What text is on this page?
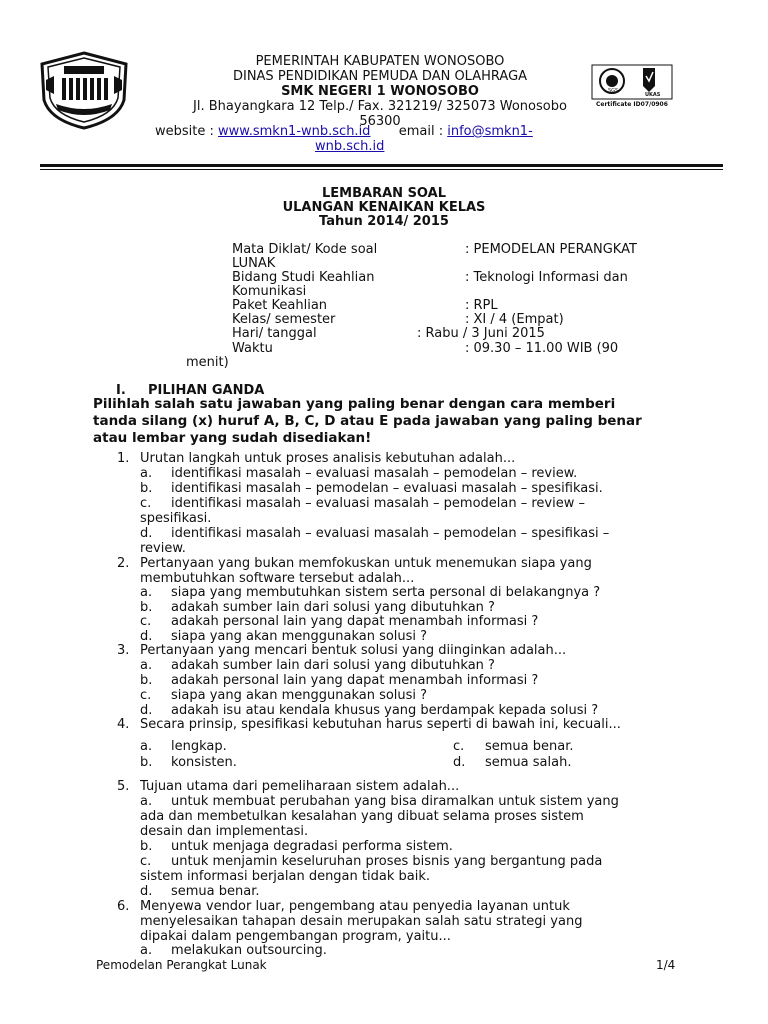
PEMERINTAH KABUPATEN WONOSOBO
DINAS PENDIDIKAN PEMUDA DAN OLAHRAGA
SMK NEGERI 1 WONOSOBO
Jl. Bhayangkara 12 Telp./ Fax. 321219/ 325073 Wonosobo
56300
website : www.smkn1-wnb.sch.id email : info@smkn1-
wnb.sch.id
SGS
UKAS
Certificate ID07/0906
LEMBARAN SOAL
ULANGAN KENAIKAN KELAS
Tahun 2014/ 2015
Mata Diklat/ Kode soal	: PEMODELAN PERANGKAT
LUNAK
Bidang Studi Keahlian	: Teknologi Informasi dan
Komunikasi
Paket Keahlian	: RPL
Kelas/ semester	: XI / 4 (Empat)
Hari/ tanggal	: Rabu / 3 Juni 2015
Waktu	: 09.30 – 11.00 WIB (90
menit)
I. PILIHAN GANDA
Pilihlah salah satu jawaban yang paling benar dengan cara memberi
tanda silang (x) huruf A, B, C, D atau E pada jawaban yang paling benar
atau lembar yang sudah disediakan!
1. Urutan langkah untuk proses analisis kebutuhan adalah...
a. identifikasi masalah – evaluasi masalah – pemodelan – review.
b. identifikasi masalah – pemodelan – evaluasi masalah – spesifikasi.
c. identifikasi masalah – evaluasi masalah – pemodelan – review –
spesifikasi.
d. identifikasi masalah – evaluasi masalah – pemodelan – spesifikasi –
review.
2. Pertanyaan yang bukan memfokuskan untuk menemukan siapa yang
membutuhkan software tersebut adalah...
a. siapa yang membutuhkan sistem serta personal di belakangnya ?
b. adakah sumber lain dari solusi yang dibutuhkan ?
c. adakah personal lain yang dapat menambah informasi ?
d. siapa yang akan menggunakan solusi ?
3. Pertanyaan yang mencari bentuk solusi yang diinginkan adalah...
a. adakah sumber lain dari solusi yang dibutuhkan ?
b. adakah personal lain yang dapat menambah informasi ?
c. siapa yang akan menggunakan solusi ?
d. adakah isu atau kendala khusus yang berdampak kepada solusi ?
4. Secara prinsip, spesifikasi kebutuhan harus seperti di bawah ini, kecuali...
a. lengkap.	c. semua benar.
b. konsisten.	d. semua salah.
5. Tujuan utama dari pemeliharaan sistem adalah...
a. untuk membuat perubahan yang bisa diramalkan untuk sistem yang
ada dan membetulkan kesalahan yang dibuat selama proses sistem
desain dan implementasi.
b. untuk menjaga degradasi performa sistem.
c. untuk menjamin keseluruhan proses bisnis yang bergantung pada
sistem informasi berjalan dengan tidak baik.
d. semua benar.
6. Menyewa vendor luar, pengembang atau penyedia layanan untuk
menyelesaikan tahapan desain merupakan salah satu strategi yang
dipakai dalam pengembangan program, yaitu...
a. melakukan outsourcing.
Pemodelan Perangkat Lunak	1/4
